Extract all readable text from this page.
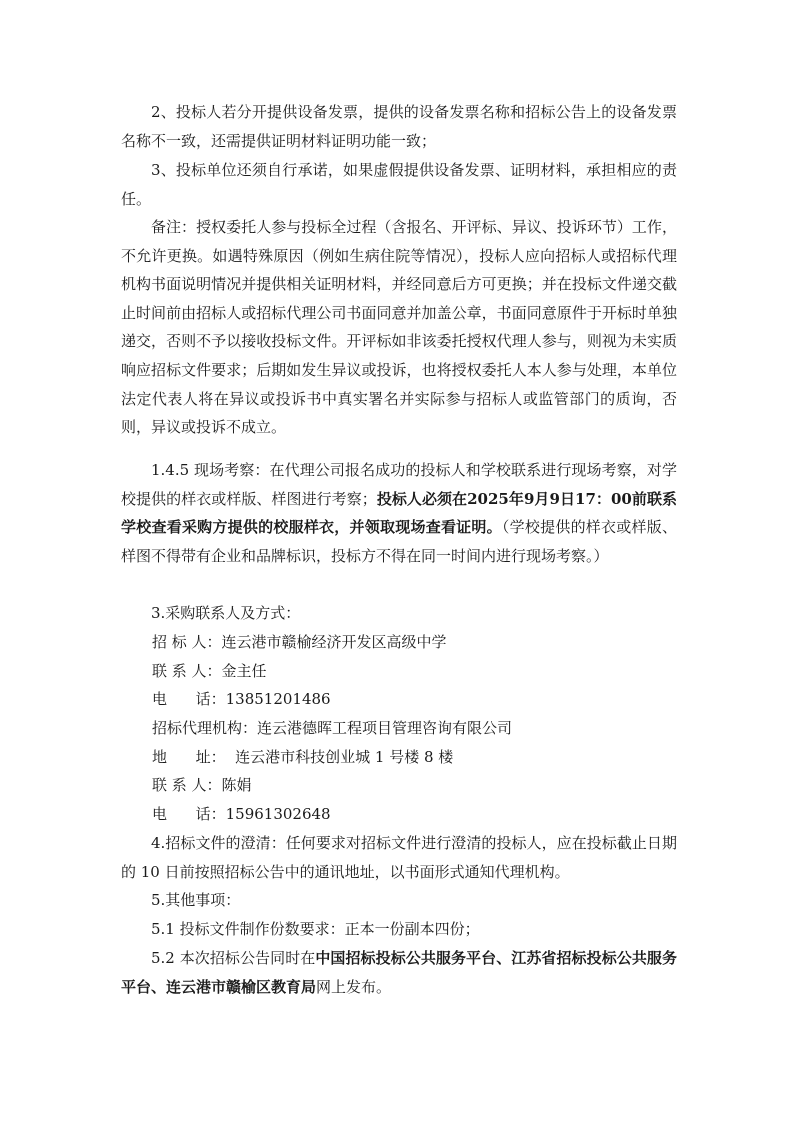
2、投标人若分开提供设备发票，提供的设备发票名称和招标公告上的设备发票名称不一致，还需提供证明材料证明功能一致；

3、投标单位还须自行承诺，如果虚假提供设备发票、证明材料，承担相应的责任。

备注：授权委托人参与投标全过程（含报名、开评标、异议、投诉环节）工作，不允许更换。如遇特殊原因（例如生病住院等情况），投标人应向招标人或招标代理机构书面说明情况并提供相关证明材料，并经同意后方可更换；并在投标文件递交截止时间前由招标人或招标代理公司书面同意并加盖公章，书面同意原件于开标时单独递交，否则不予以接收投标文件。开评标如非该委托授权代理人参与，则视为未实质响应招标文件要求；后期如发生异议或投诉，也将授权委托人本人参与处理，本单位法定代表人将在异议或投诉书中真实署名并实际参与招标人或监管部门的质询，否则，异议或投诉不成立。

1.4.5 现场考察：在代理公司报名成功的投标人和学校联系进行现场考察，对学校提供的样衣或样版、样图进行考察；投标人必须在2025年9月9日17：00前联系学校查看采购方提供的校服样衣，并领取现场查看证明。（学校提供的样衣或样版、样图不得带有企业和品牌标识，投标方不得在同一时间内进行现场考察。）

3.采购联系人及方式：

招 标 人：连云港市赣榆经济开发区高级中学
联 系 人：金主任
电      话：13851201486
招标代理机构：连云港德晖工程项目管理咨询有限公司
地      址：  连云港市科技创业城 1 号楼 8 楼
联 系 人：陈娟
电      话：15961302648

4.招标文件的澄清：任何要求对招标文件进行澄清的投标人，应在投标截止日期的 10 日前按照招标公告中的通讯地址，以书面形式通知代理机构。

5.其他事项：

5.1 投标文件制作份数要求：正本一份副本四份；

5.2 本次招标公告同时在中国招标投标公共服务平台、江苏省招标投标公共服务平台、连云港市赣榆区教育局网上发布。
